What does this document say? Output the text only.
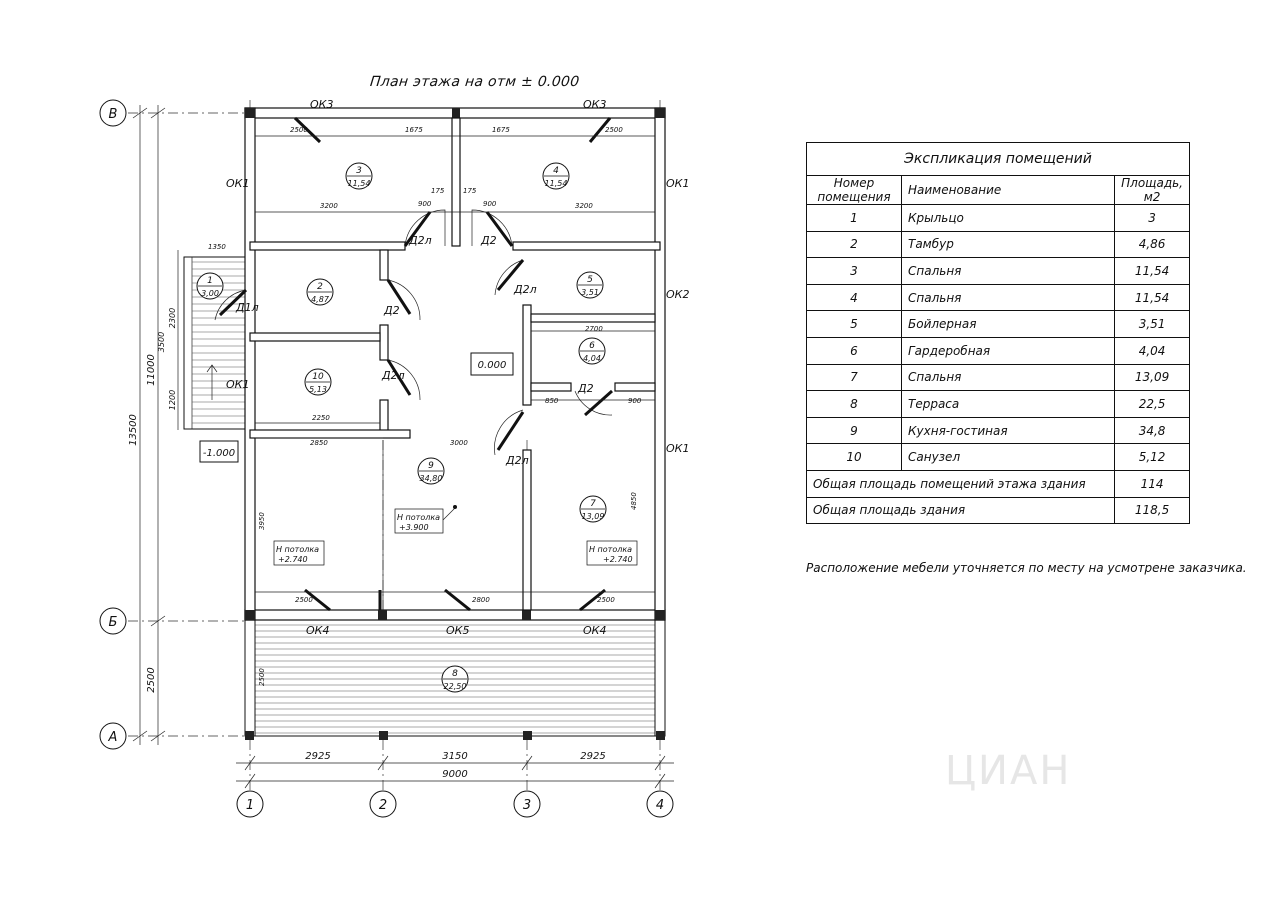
План этажа на отм ± 0.000
В
Б
А
1	2	3	4
2925	3150	2925
9000
13500
11000
2500
2300
1200
3500
-1.000
ОК3	ОК3
ОК1	ОК1
ОК1
ОК2
ОК1
ОК4	ОК5	ОК4
Д2л	Д2
Д2
Д2л
Д2л
Д2
Д2л
Д1л
1
3,00
2
4,87
3
11,54
4
11,54
5
3,51
6
4,04
7
13,09
8
22,50
9
34,80
10
5,13
0.000
Н потолка
+2.740
Н потолка
+3.900
Н потолка
+2.740
2500	1675	1675	2500
3200	3200
900	900
175	175
1350
2700
2850
2250
3000
2800
2500	2500
2500
850	900
3950
4850
Экспликация помещений
Номер помещения	Наименование	Площадь, м2
1	Крыльцо	3
2	Тамбур	4,86
3	Спальня	11,54
4	Спальня	11,54
5	Бойлерная	3,51
6	Гардеробная	4,04
7	Спальня	13,09
8	Терраса	22,5
9	Кухня-гостиная	34,8
10	Санузел	5,12
Общая площадь помещений этажа здания		114
Общая площадь здания		118,5
Расположение мебели уточняется по месту на усмотрене заказчика.
ЦИАН
